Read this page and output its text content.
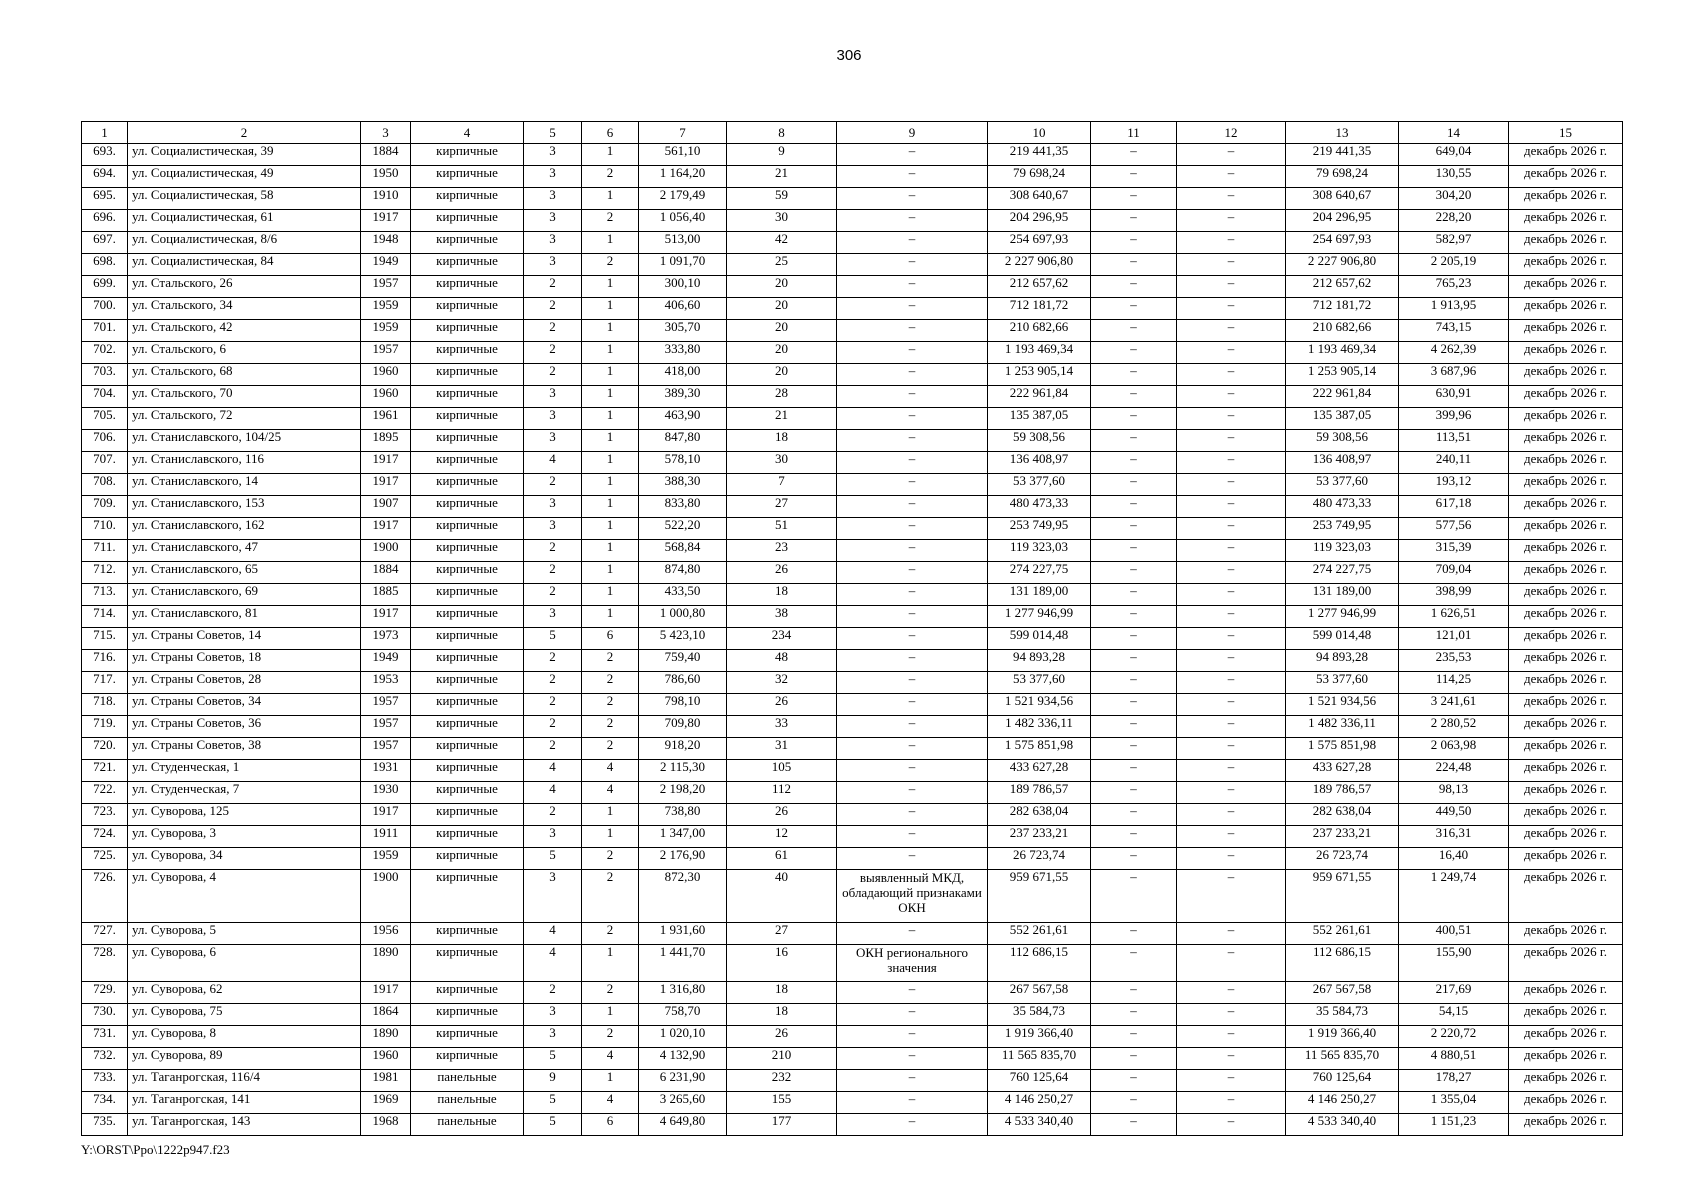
306
1	2	3	4	5	6	7	8	9	10	11	12	13	14	15
693.	ул. Социалистическая, 39	1884	кирпичные	3	1	561,10	9	–	219 441,35	–	–	219 441,35	649,04	декабрь 2026 г.
694.	ул. Социалистическая, 49	1950	кирпичные	3	2	1 164,20	21	–	79 698,24	–	–	79 698,24	130,55	декабрь 2026 г.
695.	ул. Социалистическая, 58	1910	кирпичные	3	1	2 179,49	59	–	308 640,67	–	–	308 640,67	304,20	декабрь 2026 г.
696.	ул. Социалистическая, 61	1917	кирпичные	3	2	1 056,40	30	–	204 296,95	–	–	204 296,95	228,20	декабрь 2026 г.
697.	ул. Социалистическая, 8/6	1948	кирпичные	3	1	513,00	42	–	254 697,93	–	–	254 697,93	582,97	декабрь 2026 г.
698.	ул. Социалистическая, 84	1949	кирпичные	3	2	1 091,70	25	–	2 227 906,80	–	–	2 227 906,80	2 205,19	декабрь 2026 г.
699.	ул. Стальского, 26	1957	кирпичные	2	1	300,10	20	–	212 657,62	–	–	212 657,62	765,23	декабрь 2026 г.
700.	ул. Стальского, 34	1959	кирпичные	2	1	406,60	20	–	712 181,72	–	–	712 181,72	1 913,95	декабрь 2026 г.
701.	ул. Стальского, 42	1959	кирпичные	2	1	305,70	20	–	210 682,66	–	–	210 682,66	743,15	декабрь 2026 г.
702.	ул. Стальского, 6	1957	кирпичные	2	1	333,80	20	–	1 193 469,34	–	–	1 193 469,34	4 262,39	декабрь 2026 г.
703.	ул. Стальского, 68	1960	кирпичные	2	1	418,00	20	–	1 253 905,14	–	–	1 253 905,14	3 687,96	декабрь 2026 г.
704.	ул. Стальского, 70	1960	кирпичные	3	1	389,30	28	–	222 961,84	–	–	222 961,84	630,91	декабрь 2026 г.
705.	ул. Стальского, 72	1961	кирпичные	3	1	463,90	21	–	135 387,05	–	–	135 387,05	399,96	декабрь 2026 г.
706.	ул. Станиславского, 104/25	1895	кирпичные	3	1	847,80	18	–	59 308,56	–	–	59 308,56	113,51	декабрь 2026 г.
707.	ул. Станиславского, 116	1917	кирпичные	4	1	578,10	30	–	136 408,97	–	–	136 408,97	240,11	декабрь 2026 г.
708.	ул. Станиславского, 14	1917	кирпичные	2	1	388,30	7	–	53 377,60	–	–	53 377,60	193,12	декабрь 2026 г.
709.	ул. Станиславского, 153	1907	кирпичные	3	1	833,80	27	–	480 473,33	–	–	480 473,33	617,18	декабрь 2026 г.
710.	ул. Станиславского, 162	1917	кирпичные	3	1	522,20	51	–	253 749,95	–	–	253 749,95	577,56	декабрь 2026 г.
711.	ул. Станиславского, 47	1900	кирпичные	2	1	568,84	23	–	119 323,03	–	–	119 323,03	315,39	декабрь 2026 г.
712.	ул. Станиславского, 65	1884	кирпичные	2	1	874,80	26	–	274 227,75	–	–	274 227,75	709,04	декабрь 2026 г.
713.	ул. Станиславского, 69	1885	кирпичные	2	1	433,50	18	–	131 189,00	–	–	131 189,00	398,99	декабрь 2026 г.
714.	ул. Станиславского, 81	1917	кирпичные	3	1	1 000,80	38	–	1 277 946,99	–	–	1 277 946,99	1 626,51	декабрь 2026 г.
715.	ул. Страны Советов, 14	1973	кирпичные	5	6	5 423,10	234	–	599 014,48	–	–	599 014,48	121,01	декабрь 2026 г.
716.	ул. Страны Советов, 18	1949	кирпичные	2	2	759,40	48	–	94 893,28	–	–	94 893,28	235,53	декабрь 2026 г.
717.	ул. Страны Советов, 28	1953	кирпичные	2	2	786,60	32	–	53 377,60	–	–	53 377,60	114,25	декабрь 2026 г.
718.	ул. Страны Советов, 34	1957	кирпичные	2	2	798,10	26	–	1 521 934,56	–	–	1 521 934,56	3 241,61	декабрь 2026 г.
719.	ул. Страны Советов, 36	1957	кирпичные	2	2	709,80	33	–	1 482 336,11	–	–	1 482 336,11	2 280,52	декабрь 2026 г.
720.	ул. Страны Советов, 38	1957	кирпичные	2	2	918,20	31	–	1 575 851,98	–	–	1 575 851,98	2 063,98	декабрь 2026 г.
721.	ул. Студенческая, 1	1931	кирпичные	4	4	2 115,30	105	–	433 627,28	–	–	433 627,28	224,48	декабрь 2026 г.
722.	ул. Студенческая, 7	1930	кирпичные	4	4	2 198,20	112	–	189 786,57	–	–	189 786,57	98,13	декабрь 2026 г.
723.	ул. Суворова, 125	1917	кирпичные	2	1	738,80	26	–	282 638,04	–	–	282 638,04	449,50	декабрь 2026 г.
724.	ул. Суворова, 3	1911	кирпичные	3	1	1 347,00	12	–	237 233,21	–	–	237 233,21	316,31	декабрь 2026 г.
725.	ул. Суворова, 34	1959	кирпичные	5	2	2 176,90	61	–	26 723,74	–	–	26 723,74	16,40	декабрь 2026 г.
726.	ул. Суворова, 4	1900	кирпичные	3	2	872,30	40	выявленный МКД, обладающий признаками ОКН	959 671,55	–	–	959 671,55	1 249,74	декабрь 2026 г.
727.	ул. Суворова, 5	1956	кирпичные	4	2	1 931,60	27	–	552 261,61	–	–	552 261,61	400,51	декабрь 2026 г.
728.	ул. Суворова, 6	1890	кирпичные	4	1	1 441,70	16	ОКН регионального значения	112 686,15	–	–	112 686,15	155,90	декабрь 2026 г.
729.	ул. Суворова, 62	1917	кирпичные	2	2	1 316,80	18	–	267 567,58	–	–	267 567,58	217,69	декабрь 2026 г.
730.	ул. Суворова, 75	1864	кирпичные	3	1	758,70	18	–	35 584,73	–	–	35 584,73	54,15	декабрь 2026 г.
731.	ул. Суворова, 8	1890	кирпичные	3	2	1 020,10	26	–	1 919 366,40	–	–	1 919 366,40	2 220,72	декабрь 2026 г.
732.	ул. Суворова, 89	1960	кирпичные	5	4	4 132,90	210	–	11 565 835,70	–	–	11 565 835,70	4 880,51	декабрь 2026 г.
733.	ул. Таганрогская, 116/4	1981	панельные	9	1	6 231,90	232	–	760 125,64	–	–	760 125,64	178,27	декабрь 2026 г.
734.	ул. Таганрогская, 141	1969	панельные	5	4	3 265,60	155	–	4 146 250,27	–	–	4 146 250,27	1 355,04	декабрь 2026 г.
735.	ул. Таганрогская, 143	1968	панельные	5	6	4 649,80	177	–	4 533 340,40	–	–	4 533 340,40	1 151,23	декабрь 2026 г.
Y:\ORST\Ppo\1222p947.f23
